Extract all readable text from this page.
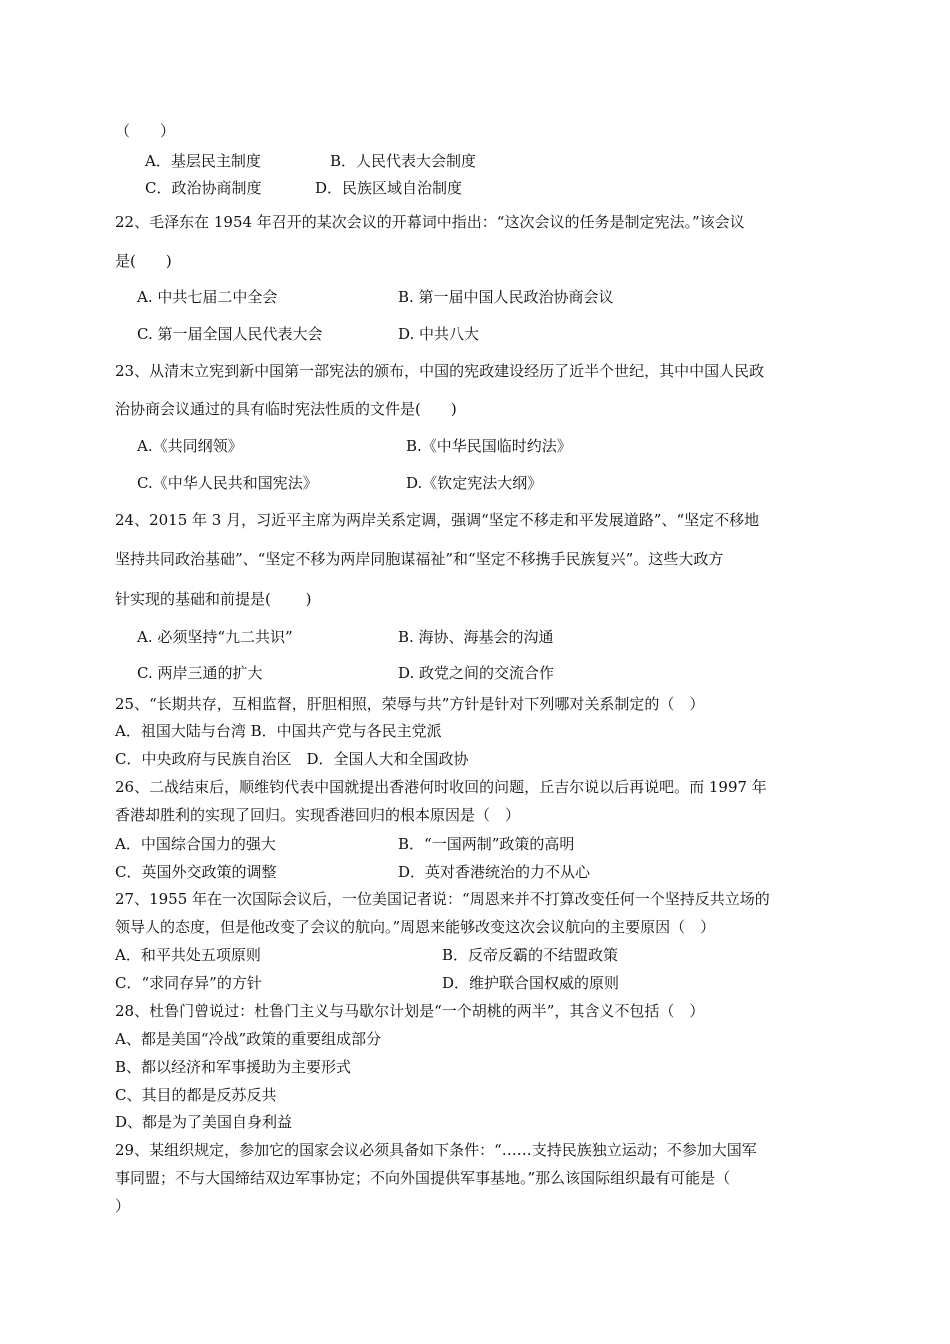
（　　）
A．基层民主制度	B．人民代表大会制度
C．政治协商制度	D．民族区域自治制度
22、毛泽东在 1954 年召开的某次会议的开幕词中指出：“这次会议的任务是制定宪法。”该会议
是(　　)
A. 中共七届二中全会	B. 第一届中国人民政治协商会议
C. 第一届全国人民代表大会	D. 中共八大
23、从清末立宪到新中国第一部宪法的颁布，中国的宪政建设经历了近半个世纪，其中中国人民政
治协商会议通过的具有临时宪法性质的文件是(　　)
A.《共同纲领》	B.《中华民国临时约法》
C.《中华人民共和国宪法》	D.《钦定宪法大纲》
24、2015 年 3 月，习近平主席为两岸关系定调，强调“坚定不移走和平发展道路”、“坚定不移地
坚持共同政治基础”、“坚定不移为两岸同胞谋福祉”和“坚定不移携手民族复兴”。这些大政方
针实现的基础和前提是(　　 )
A. 必须坚持“九二共识”	B. 海协、海基会的沟通
C. 两岸三通的扩大	D. 政党之间的交流合作
25、“长期共存，互相监督，肝胆相照，荣辱与共”方针是针对下列哪对关系制定的（　）
A．祖国大陆与台湾 B．中国共产党与各民主党派
C．中央政府与民族自治区　D．全国人大和全国政协
26、二战结束后，顺维钧代表中国就提出香港何时收回的问题，丘吉尔说以后再说吧。而 1997 年
香港却胜利的实现了回归。实现香港回归的根本原因是（　）
A．中国综合国力的强大	B．“一国两制”政策的高明
C．英国外交政策的调整	D．英对香港统治的力不从心
27、1955 年在一次国际会议后，一位美国记者说：“周恩来并不打算改变任何一个坚持反共立场的
领导人的态度，但是他改变了会议的航向。”周恩来能够改变这次会议航向的主要原因（　）
A．和平共处五项原则	B．反帝反霸的不结盟政策
C．“求同存异”的方针	D．维护联合国权威的原则
28、杜鲁门曾说过：杜鲁门主义与马歇尔计划是“一个胡桃的两半”，其含义不包括（　）
A、都是美国“冷战”政策的重要组成部分
B、都以经济和军事援助为主要形式
C、其目的都是反苏反共
D、都是为了美国自身利益
29、某组织规定，参加它的国家会议必须具备如下条件：“……支持民族独立运动；不参加大国军
事同盟；不与大国缔结双边军事协定；不向外国提供军事基地。”那么该国际组织最有可能是（
）
